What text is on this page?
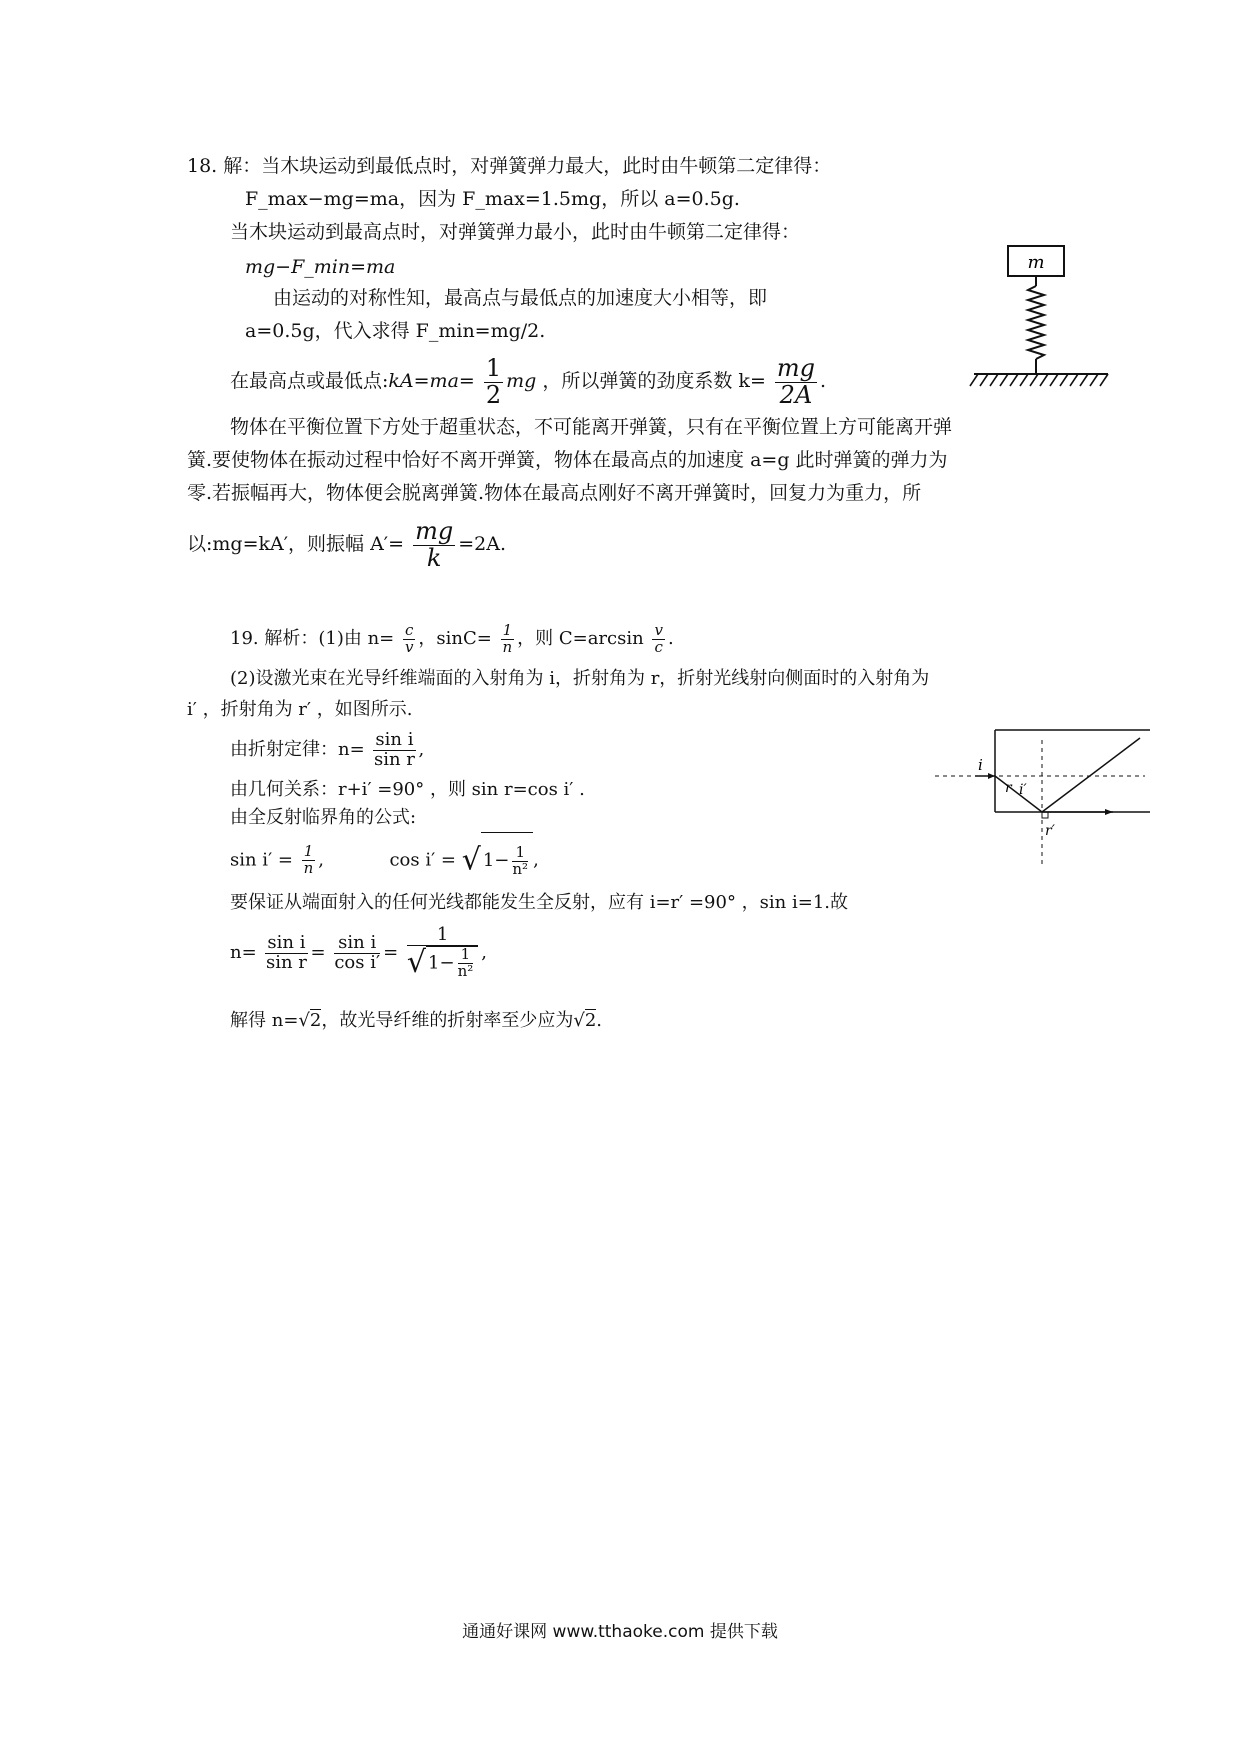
18. 解：当木块运动到最低点时，对弹簧弹力最大，此时由牛顿第二定律得：
F_max−mg=ma，因为 F_max=1.5mg，所以 a=0.5g.
当木块运动到最高点时，对弹簧弹力最小，此时由牛顿第二定律得：
mg−F_min=ma
由运动的对称性知，最高点与最低点的加速度大小相等，即
a=0.5g，代入求得 F_min=mg/2.
在最高点或最低点:kA=ma= $\frac{1}{2}$ mg ，所以弹簧的劲度系数 $k= \frac{mg}{2A}$ .
物体在平衡位置下方处于超重状态，不可能离开弹簧，只有在平衡位置上方可能离开弹
簧.要使物体在振动过程中恰好不离开弹簧，物体在最高点的加速度 a=g 此时弹簧的弹力为
零.若振幅再大，物体便会脱离弹簧.物体在最高点刚好不离开弹簧时，回复力为重力，所
以:mg=kA′，则振幅 $A'= \frac{mg}{k} =2A$.
m
19. 解析：(1)由 $n= \frac{c}{v}$ ，$\sin C= \frac{1}{n}$ ，则 $C=\arcsin \frac{v}{c}$ .
(2)设激光束在光导纤维端面的入射角为 i，折射角为 r，折射光线射向侧面时的入射角为
i′ ，折射角为 r′ ，如图所示.
由折射定律：$n= \frac{\text{sin i}}{\text{sin r}}$ ,
由几何关系：r+i′ =90° ，则 sin r=cos i′ .
由全反射临界角的公式:
$\sin i' = \frac{1}{n}$ ,	cos i′ = √ $1- \frac{1}{\text{n²}}$ ,
要保证从端面射入的任何光线都能发生全反射，应有 i=r′ =90° ，sin i=1.故
$n= \frac{\text{sin i}}{\text{sin r}} = \frac{\text{sin i}}{\text{cos i′}} = \frac{1}{√ 1- \frac{1}{\text{n²}}}$ ,
解得 n=√2，故光导纤维的折射率至少应为√2.
i
r i′
r′
通通好课网 www.tthaoke.com 提供下载
